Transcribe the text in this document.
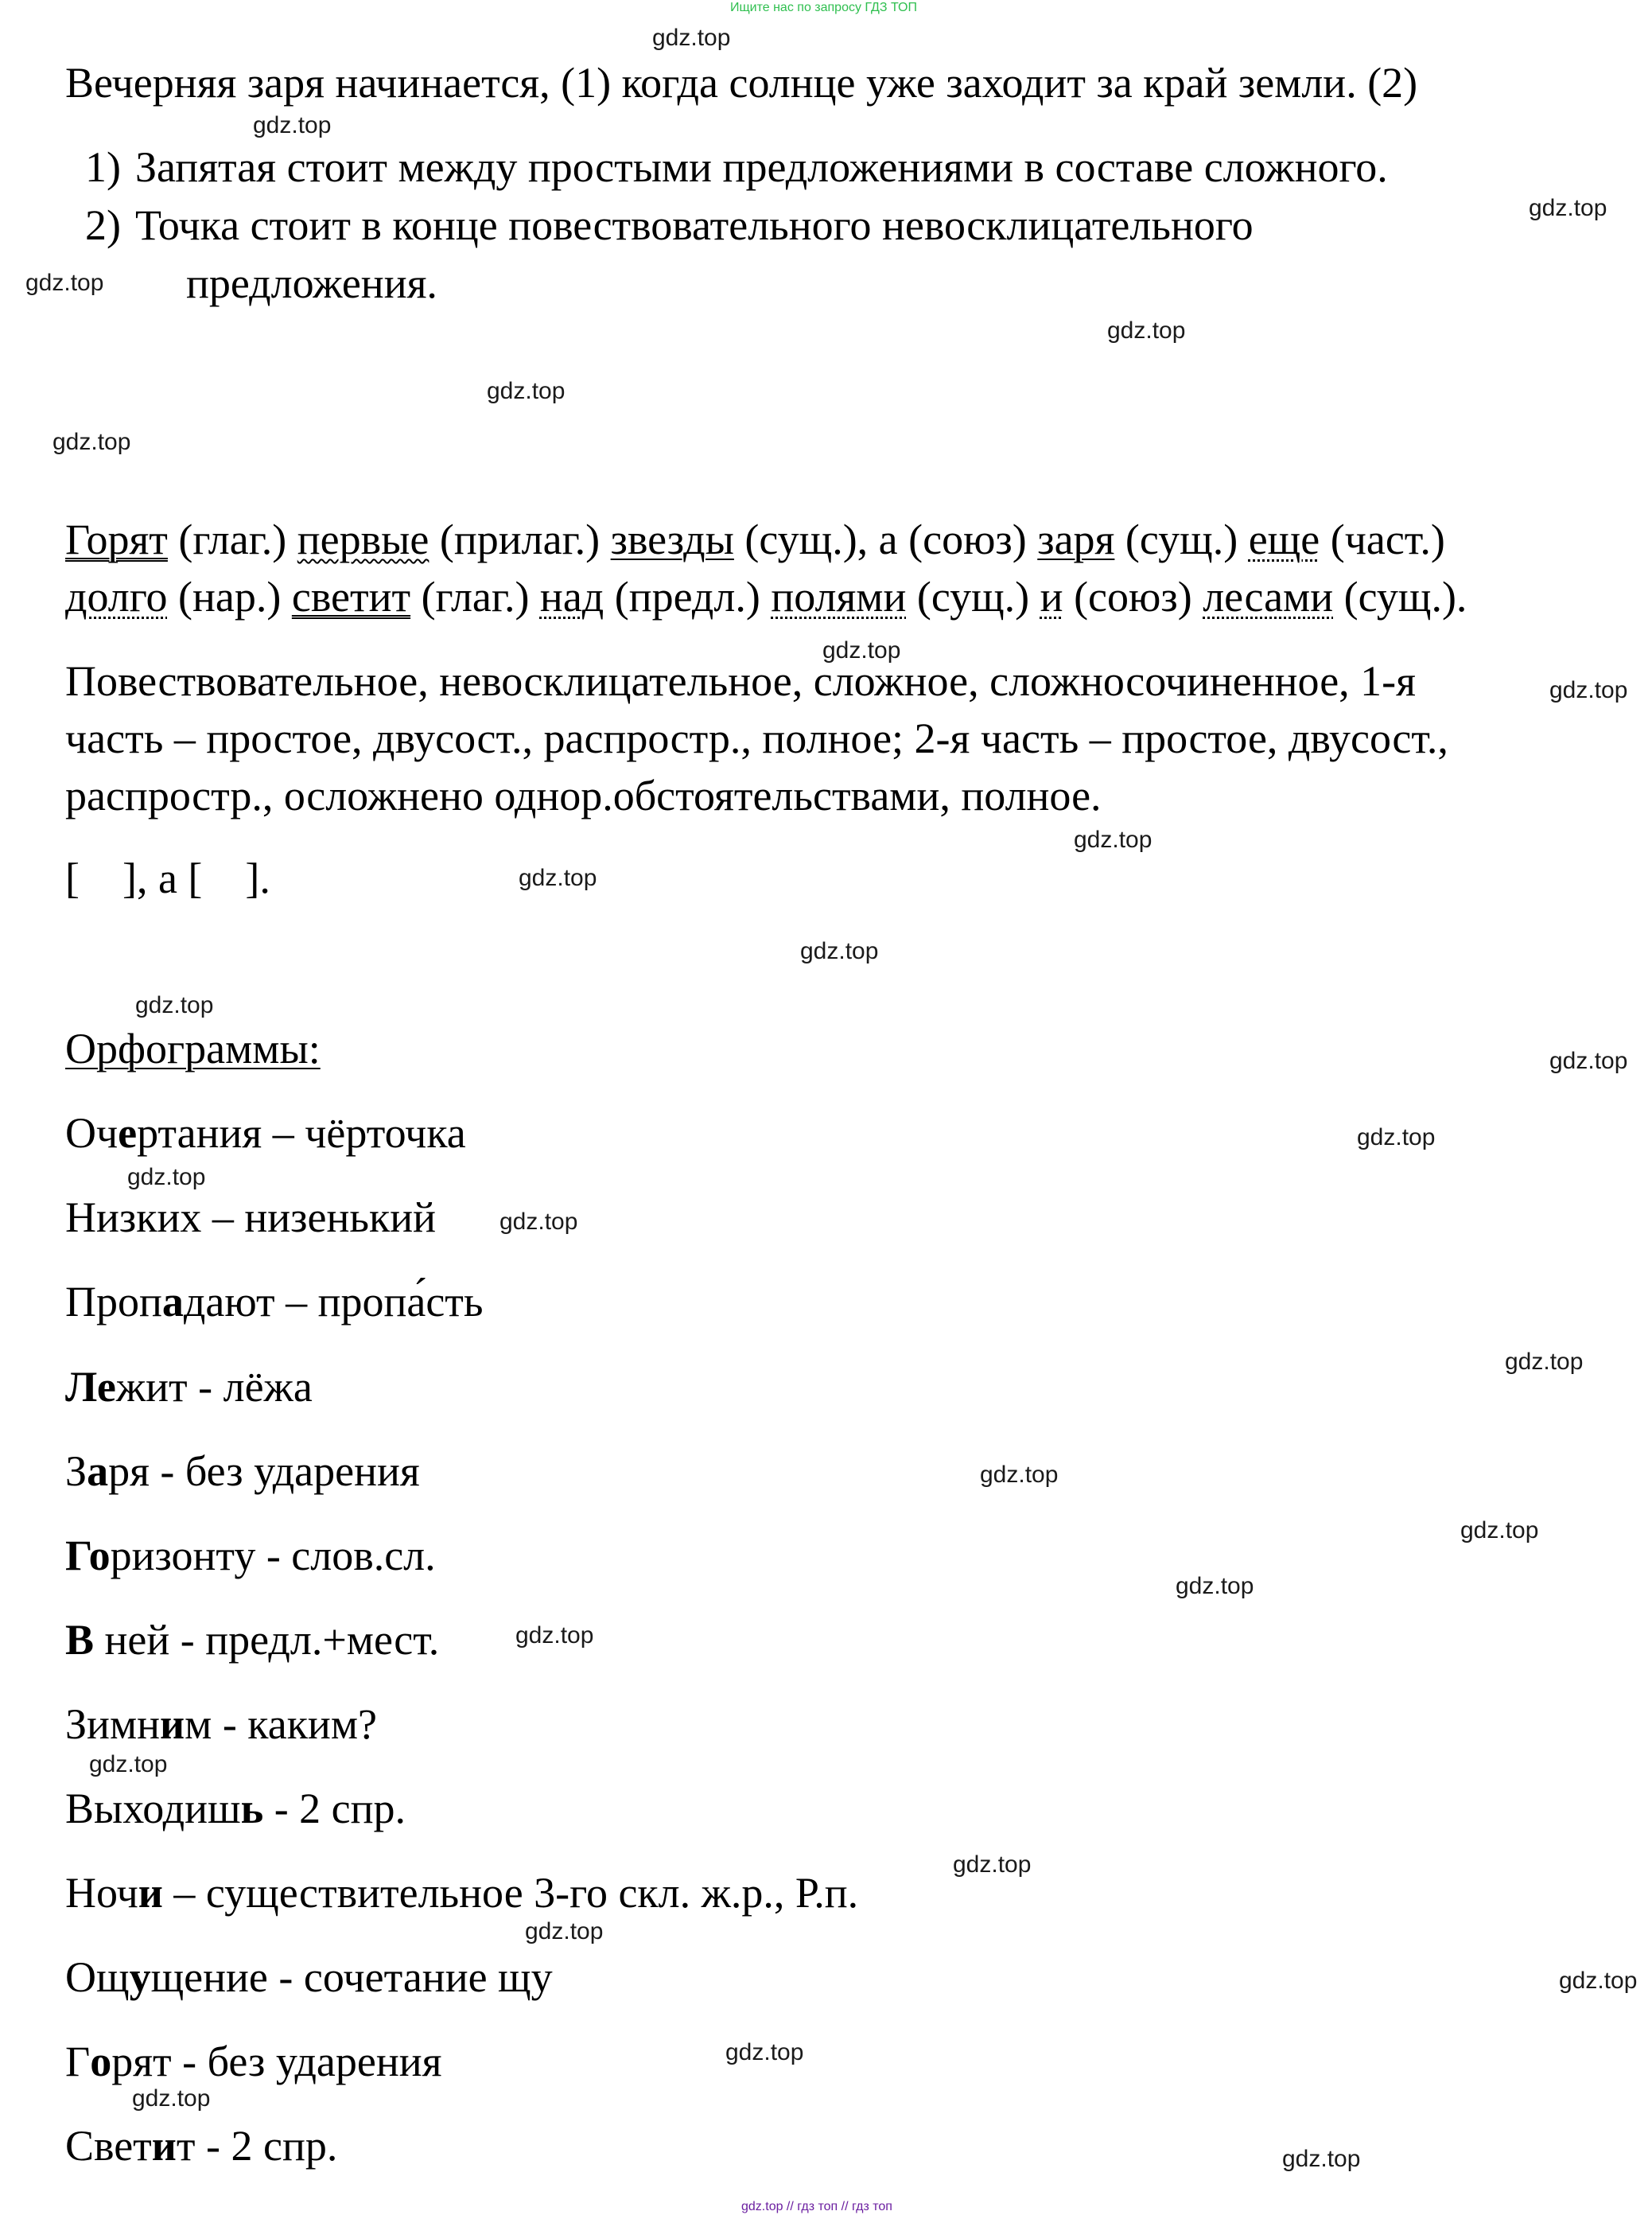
Ищите нас по запросу ГДЗ ТОП
gdz.top // гдз топ // гдз топ
Вечерняя заря начинается, (1) когда солнце уже заходит за край земли. (2)
1) Запятая стоит между простыми предложениями в составе сложного.
2) Точка стоит в конце повествовательного невосклицательного
предложения.
Горят (глаг.) первые (прилаг.) звезды (сущ.), а (союз) заря (сущ.) еще (част.)
долго (нар.) светит (глаг.) над (предл.) полями (сущ.) и (союз) лесами (сущ.).
Повествовательное, невосклицательное, сложное, сложносочиненное, 1-я
часть – простое, двусост., распростр., полное; 2-я часть – простое, двусост.,
распростр., осложнено однор.обстоятельствами, полное.
[    ], а [    ].
Орфограммы:
Очертания – чёрточка
Низких – низенький
Пропадают – пропа́сть
Лежит - лёжа
Заря - без ударения
Горизонту - слов.сл.
В ней - предл.+мест.
Зимним - каким?
Выходишь - 2 спр.
Ночи – существительное 3-го скл. ж.р., Р.п.
Ощущение - сочетание щу
Горят - без ударения
Светит - 2 спр.
gdz.top
gdz.top
gdz.top
gdz.top
gdz.top
gdz.top
gdz.top
gdz.top
gdz.top
gdz.top
gdz.top
gdz.top
gdz.top
gdz.top
gdz.top
gdz.top
gdz.top
gdz.top
gdz.top
gdz.top
gdz.top
gdz.top
gdz.top
gdz.top
gdz.top
gdz.top
gdz.top
gdz.top
gdz.top
